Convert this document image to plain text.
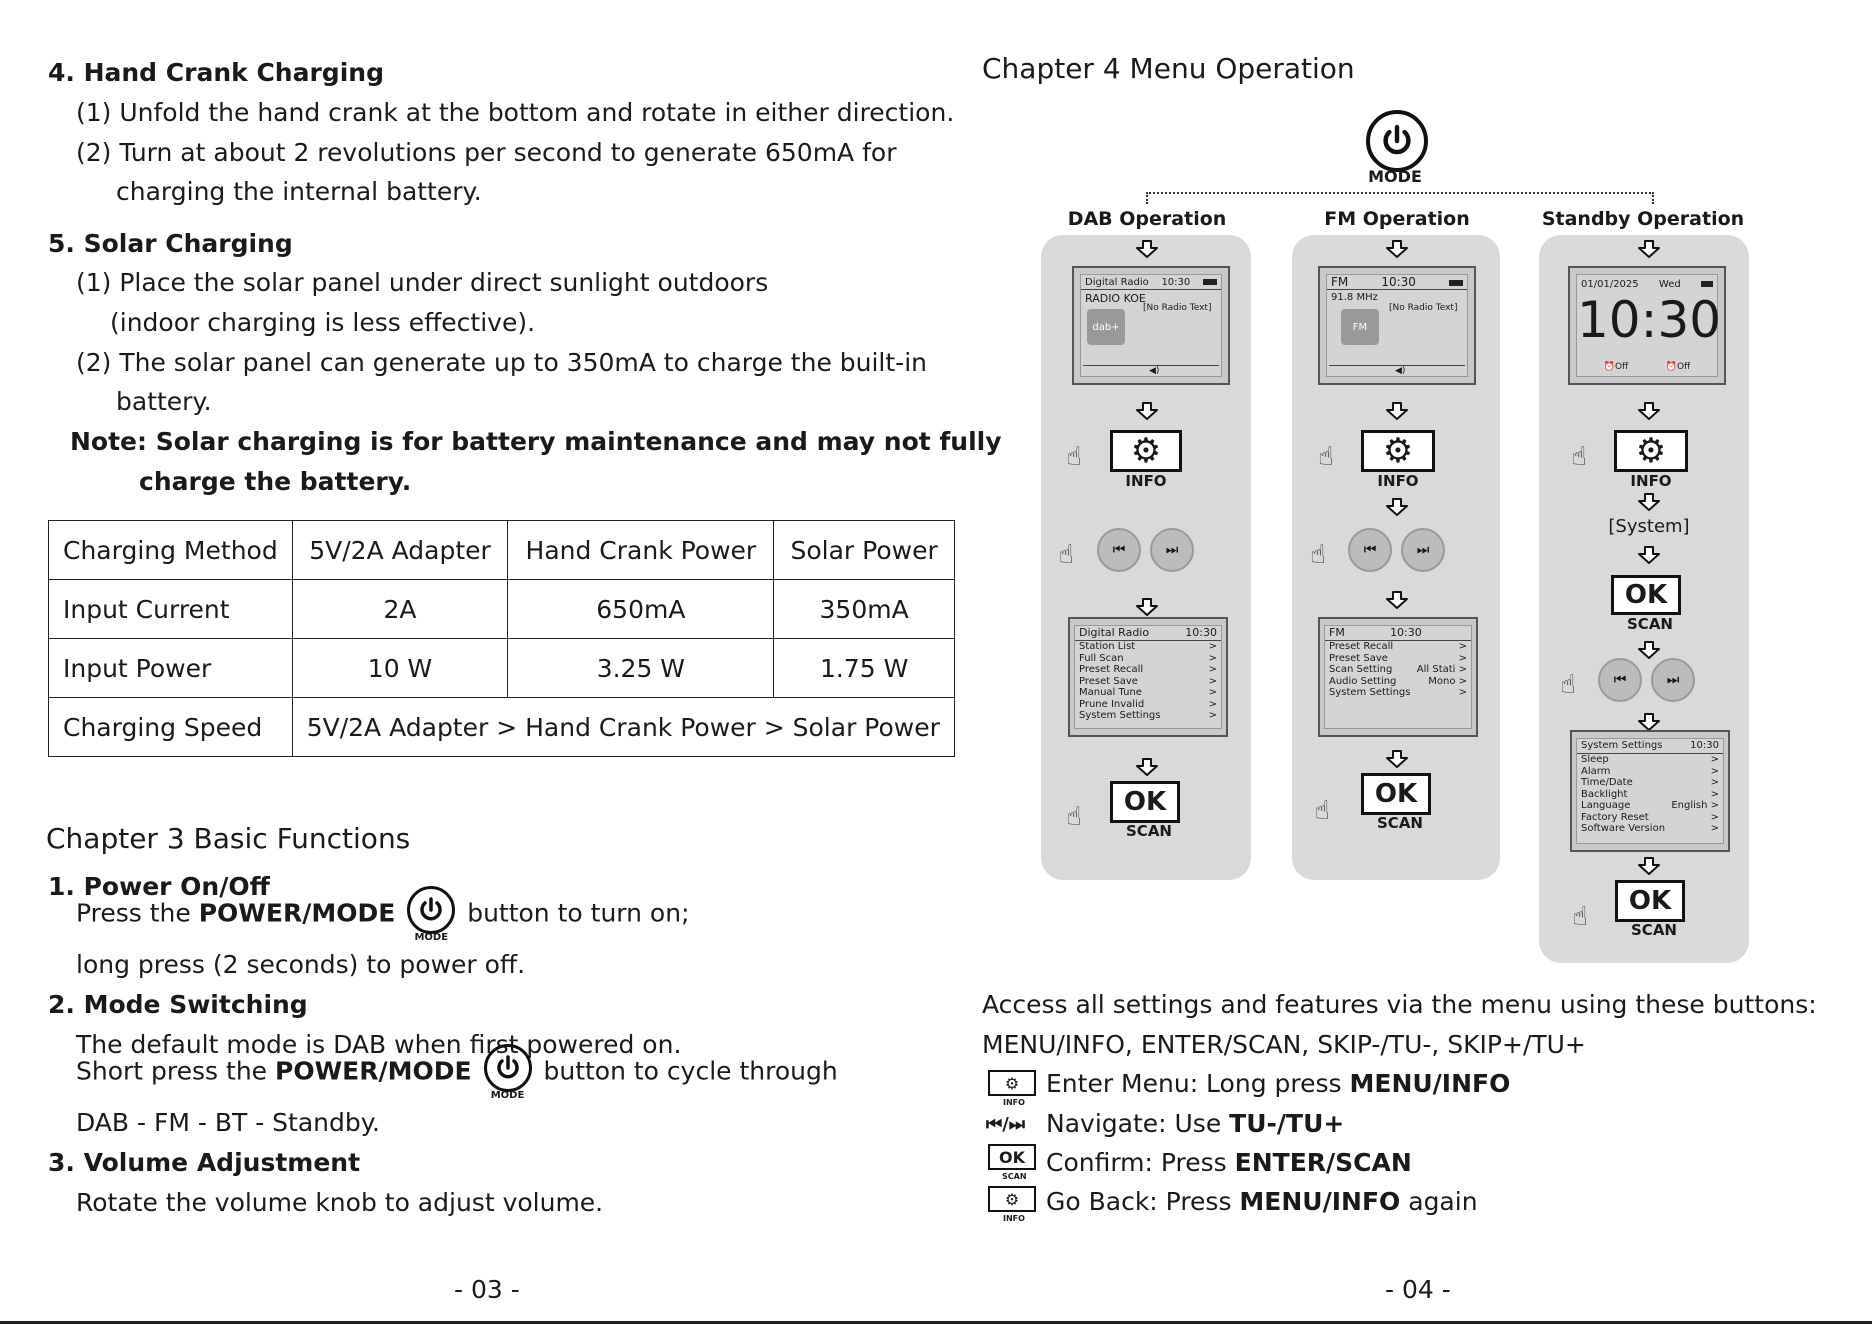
4. Hand Crank Charging
(1) Unfold the hand crank at the bottom and rotate in either direction.
(2) Turn at about 2 revolutions per second to generate 650mA for
charging the internal battery.
5. Solar Charging
(1) Place the solar panel under direct sunlight outdoors
(indoor charging is less effective).
(2) The solar panel can generate up to 350mA to charge the built-in
battery.
Note: Solar charging is for battery maintenance and may not fully
charge the battery.
Charging Method	5V/2A Adapter	Hand Crank Power	Solar Power
Input Current	2A	650mA	350mA
Input Power	10 W	3.25 W	1.75 W
Charging Speed	5V/2A Adapter > Hand Crank Power > Solar Power		
Chapter 3 Basic Functions
1. Power On/Off
Press the POWER/MODE
MODE
button to turn on;
long press (2 seconds) to power off.
2. Mode Switching
The default mode is DAB when first powered on.
Short press the POWER/MODE
MODE
button to cycle through
DAB - FM - BT - Standby.
3. Volume Adjustment
Rotate the volume knob to adjust volume.
- 03 -
Chapter 4 Menu Operation
MODE
DAB Operation	FM Operation	Standby Operation
Digital Radio 10:30
RADIO KOE
dab+
[No Radio Text]
◀)
FM	10:30
91.8 MHz
FM
[No Radio Text]
◀)
01/01/2025 Wed
10:30
⏰Off	⏰Off
⚙
INFO
⚙
INFO
⚙
INFO
☝	☝	☝
☝	☝
☝
☝	☝
☝
⏮	⏭	⏮	⏭
⏮	⏭
[System]
Digital Radio	10:30
Station List	>
Full Scan	>
Preset Recall	>
Preset Save	>
Manual Tune	>
Prune Invalid	>
System Settings	>
FM	10:30
Preset Recall	>
Preset Save	>
Scan Setting All Stati >
Audio Setting	Mono >
System Settings	>
System Settings	10:30
Sleep	>
Alarm	>
Time/Date	>
Backlight	>
Language	English >
Factory Reset	>
Software Version	>
OK
SCAN
OK
SCAN
OK
SCAN
OK
SCAN
Access all settings and features via the menu using these buttons:
MENU/INFO, ENTER/SCAN, SKIP-/TU-, SKIP+/TU+
⚙
INFO
Enter Menu: Long press MENU/INFO
⏮/⏭ Navigate: Use TU-/TU+
OK
SCAN Confirm: Press ENTER/SCAN
⚙
INFO
Go Back: Press MENU/INFO again
- 04 -
